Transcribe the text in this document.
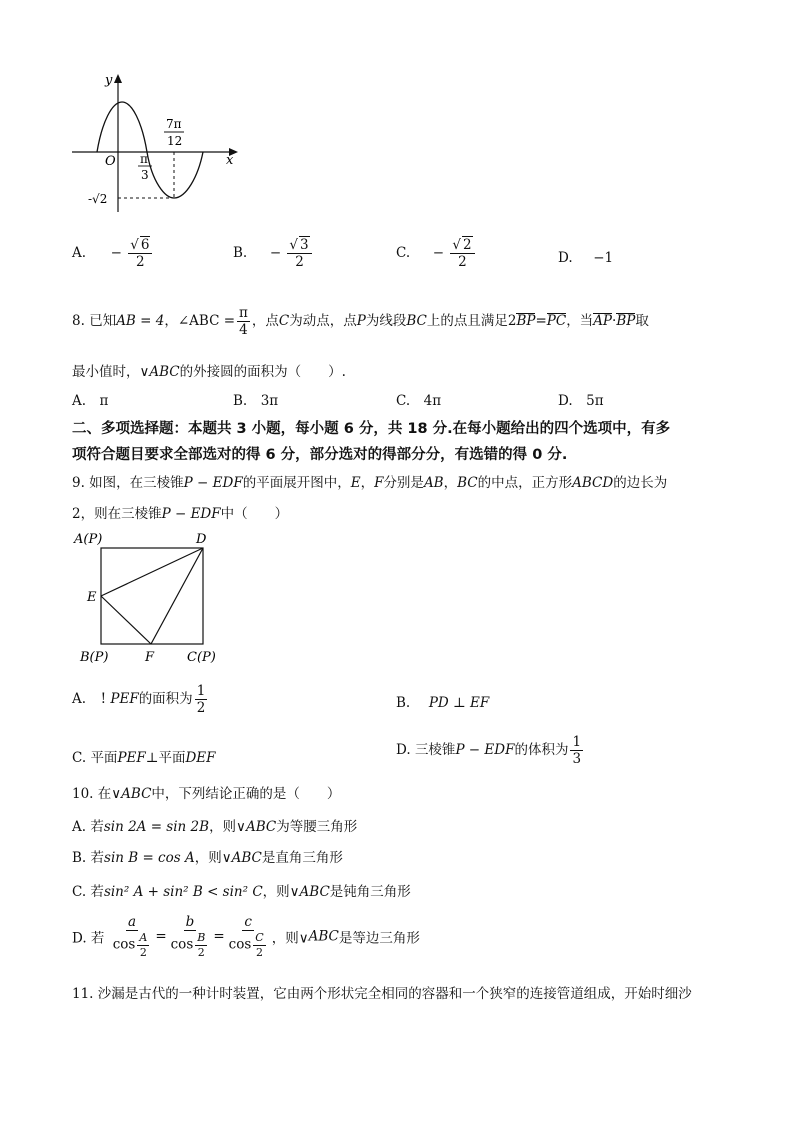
y
x
O π
3
7π
12
-√2
A. − $\frac{√ 6}{2}$	B. − $\frac{√ 3}{2}$	C. − $\frac{√ 2}{2}$	D. −1
8. 已知AB = 4，∠ABC = $\frac{\pi}{4}$ ，点C为动点，点P为线段BC上的点且满足2BP=PC，当AP·BP取
最小值时，∨ABC的外接圆的面积为（　　）.
A.　π	B.　3π	C.　4π	D.　5π
二、多项选择题：本题共 3 小题，每小题 6 分，共 18 分.在每小题给出的四个选项中，有多
项符合题目要求全部选对的得 6 分，部分选对的得部分分，有选错的得 0 分.
9. 如图，在三棱锥P − EDF的平面展开图中，E，F分别是AB，BC的中点，正方形ABCD的边长为
2，则在三棱锥P − EDF中（　　）
A(P)	D
E
B(P)	F	C(P)
A. ! PEF的面积为 $\frac{1}{2}$	B. PD ⊥ EF
C. 平面PEF⊥平面DEF	D. 三棱锥P − EDF的体积为 $\frac{1}{3}$
10. 在∨ABC中，下列结论正确的是（　　）
A. 若sin 2A = sin 2B，则∨ABC为等腰三角形
B. 若sin B = cos A，则∨ABC是直角三角形
C. 若sin² A + sin² B < sin² C，则∨ABC是钝角三角形
D. 若 $\frac{a}{\cos \frac{A}{2}} = \frac{b}{\cos \frac{B}{2}} = \frac{c}{\cos \frac{C}{2}}$ ，则∨ABC是等边三角形
11. 沙漏是古代的一种计时装置，它由两个形状完全相同的容器和一个狭窄的连接管道组成，开始时细沙
